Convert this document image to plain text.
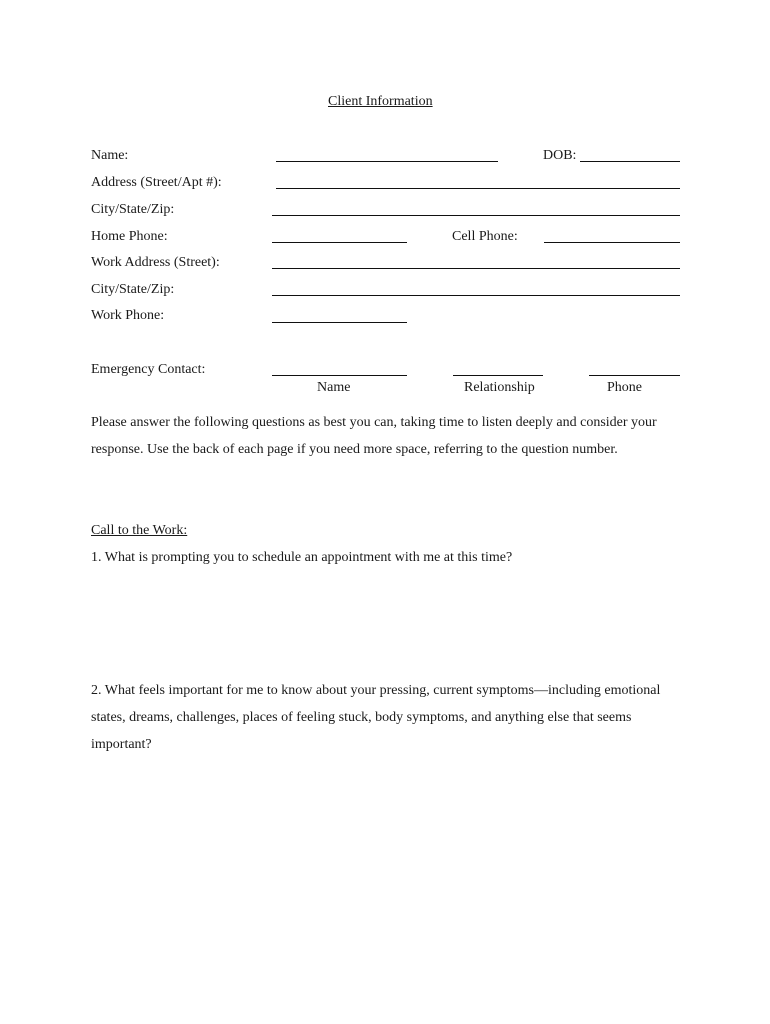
Client Information
Name:	DOB:
Address (Street/Apt #):
City/State/Zip:
Home Phone:	Cell Phone:
Work Address (Street):
City/State/Zip:
Work Phone:
Emergency Contact:
Name	Relationship	Phone
Please answer the following questions as best you can, taking time to listen deeply and consider your response. Use the back of each page if you need more space, referring to the question number.
Call to the Work:
1. What is prompting you to schedule an appointment with me at this time?
2. What feels important for me to know about your pressing, current symptoms—including emotional states, dreams, challenges, places of feeling stuck, body symptoms, and anything else that seems important?
